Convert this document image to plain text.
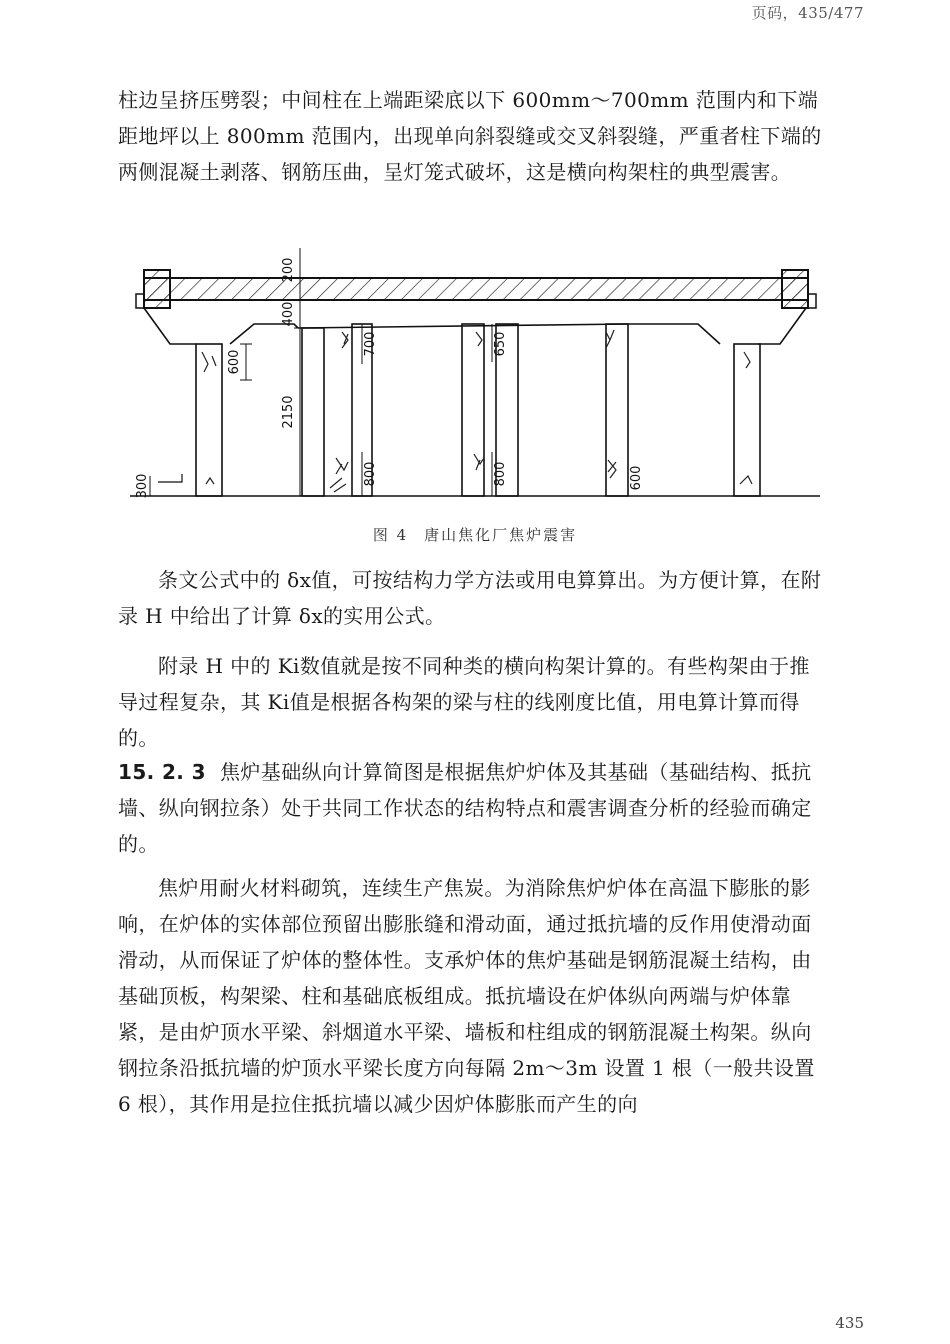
页码，435/477

柱边呈挤压劈裂；中间柱在上端距梁底以下 600mm～700mm 范围内和下端距地坪以上 800mm 范围内，出现单向斜裂缝或交叉斜裂缝，严重者柱下端的两侧混凝土剥落、钢筋压曲，呈灯笼式破坏，这是横向构架柱的典型震害。

200
400
600
2150
300
700	650
800	800	600
图 4 唐山焦化厂焦炉震害

条文公式中的 δx值，可按结构力学方法或用电算算出。为方便计算，在附录 H 中给出了计算 δx的实用公式。

附录 H 中的 Ki数值就是按不同种类的横向构架计算的。有些构架由于推导过程复杂，其 Ki值是根据各构架的梁与柱的线刚度比值，用电算计算而得的。

15. 2. 3 焦炉基础纵向计算简图是根据焦炉炉体及其基础（基础结构、抵抗墙、纵向钢拉条）处于共同工作状态的结构特点和震害调查分析的经验而确定的。

焦炉用耐火材料砌筑，连续生产焦炭。为消除焦炉炉体在高温下膨胀的影响，在炉体的实体部位预留出膨胀缝和滑动面，通过抵抗墙的反作用使滑动面滑动，从而保证了炉体的整体性。支承炉体的焦炉基础是钢筋混凝土结构，由基础顶板，构架梁、柱和基础底板组成。抵抗墙设在炉体纵向两端与炉体靠紧，是由炉顶水平梁、斜烟道水平梁、墙板和柱组成的钢筋混凝土构架。纵向钢拉条沿抵抗墙的炉顶水平梁长度方向每隔 2m～3m 设置 1 根（一般共设置 6 根），其作用是拉住抵抗墙以减少因炉体膨胀而产生的向

435
